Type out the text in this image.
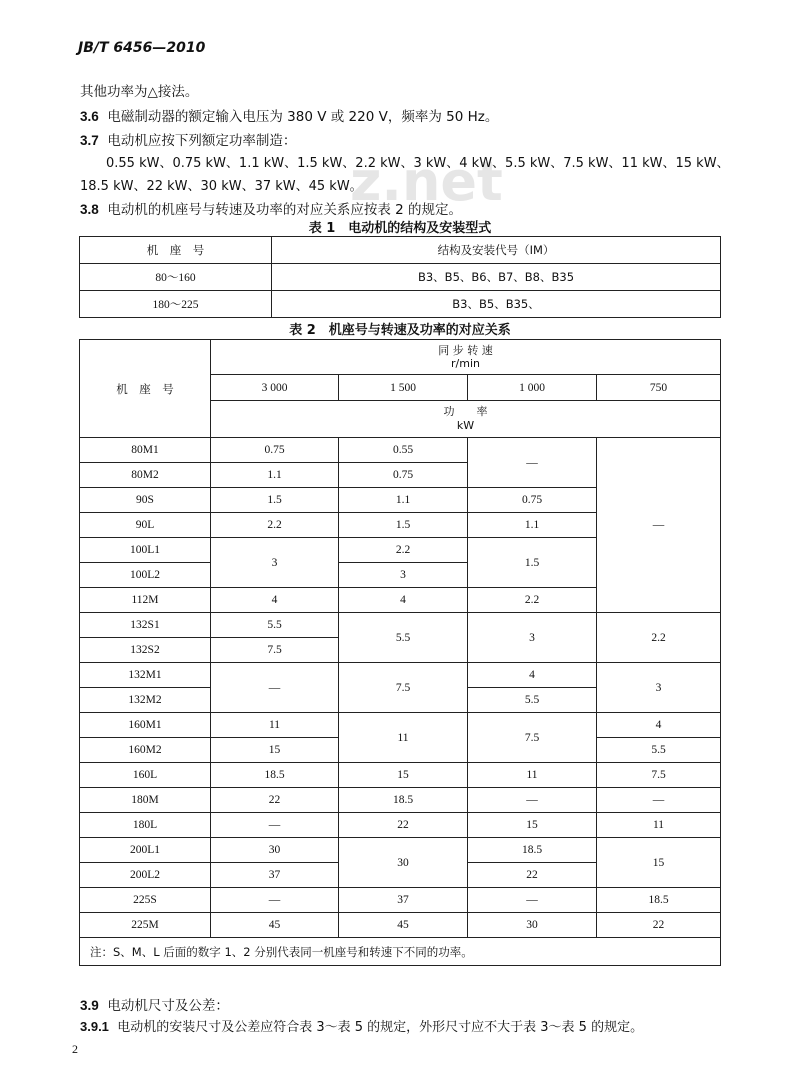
JB/T 6456—2010
z.net
其他功率为△接法。
3.6 电磁制动器的额定输入电压为 380 V 或 220 V，频率为 50 Hz。
3.7 电动机应按下列额定功率制造：
0.55 kW、0.75 kW、1.1 kW、1.5 kW、2.2 kW、3 kW、4 kW、5.5 kW、7.5 kW、11 kW、15 kW、
18.5 kW、22 kW、30 kW、37 kW、45 kW。
3.8 电动机的机座号与转速及功率的对应关系应按表 2 的规定。
表 1　电动机的结构及安装型式
机　座　号	结构及安装代号（IM）
80～160	B3、B5、B6、B7、B8、B35
180～225	B3、B5、B35、
表 2　机座号与转速及功率的对应关系
机　座　号	同 步 转 速
r/min			

	3 000	1 500	1 000	750

	功　　率
kW			

80M1	0.75	0.55	—	—
80M2	1.1	0.75		
90S	1.5	1.1	0.75	
90L	2.2	1.5	1.1	
100L1	3	2.2	1.5	
100L2		3		
112M	4	4	2.2	
132S1	5.5	5.5	3	2.2
132S2	7.5			
132M1	—	7.5	4	3
132M2			5.5	
160M1	11	11	7.5	4
160M2	15			5.5
160L	18.5	15	11	7.5
180M	22	18.5	—	—
180L	—	22	15	11
200L1	30	30	18.5	15
200L2	37		22	
225S	—	37	—	18.5
225M	45	45	30	22
注：S、M、L 后面的数字 1、2 分别代表同一机座号和转速下不同的功率。				
3.9 电动机尺寸及公差：
3.9.1 电动机的安装尺寸及公差应符合表 3～表 5 的规定，外形尺寸应不大于表 3～表 5 的规定。
2
